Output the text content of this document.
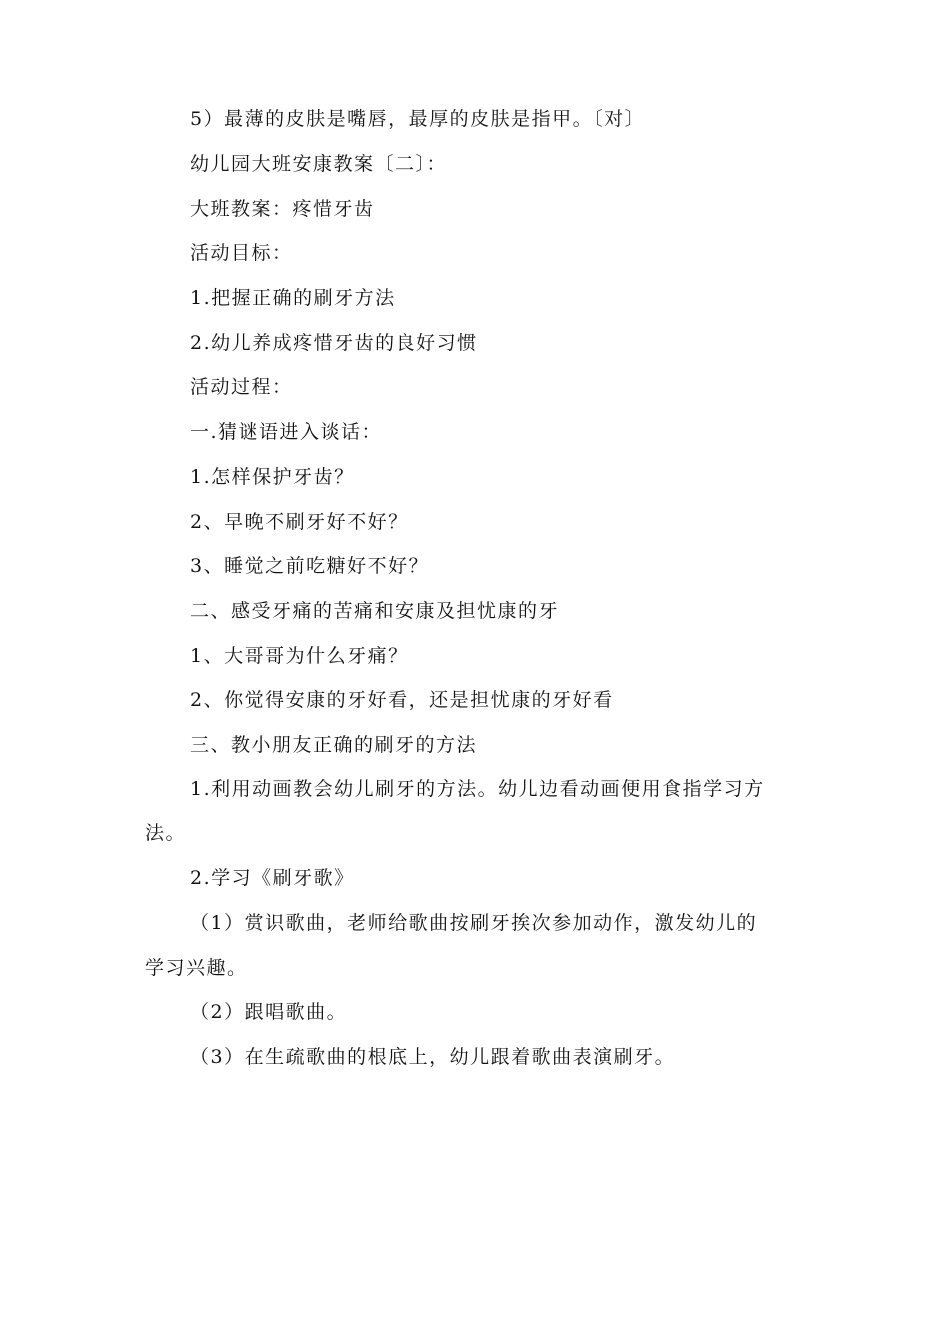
5）最薄的皮肤是嘴唇，最厚的皮肤是指甲。〔对〕
幼儿园大班安康教案〔二〕：
大班教案：疼惜牙齿
活动目标：
1.把握正确的刷牙方法
2.幼儿养成疼惜牙齿的良好习惯
活动过程：
一.猜谜语进入谈话：
1.怎样保护牙齿？
2、早晚不刷牙好不好？
3、睡觉之前吃糖好不好？
二、感受牙痛的苦痛和安康及担忧康的牙
1、大哥哥为什么牙痛？
2、你觉得安康的牙好看，还是担忧康的牙好看
三、教小朋友正确的刷牙的方法
1.利用动画教会幼儿刷牙的方法。幼儿边看动画便用食指学习方
法。
2.学习《刷牙歌》
（1）赏识歌曲，老师给歌曲按刷牙挨次参加动作，激发幼儿的
学习兴趣。
（2）跟唱歌曲。
（3）在生疏歌曲的根底上，幼儿跟着歌曲表演刷牙。
